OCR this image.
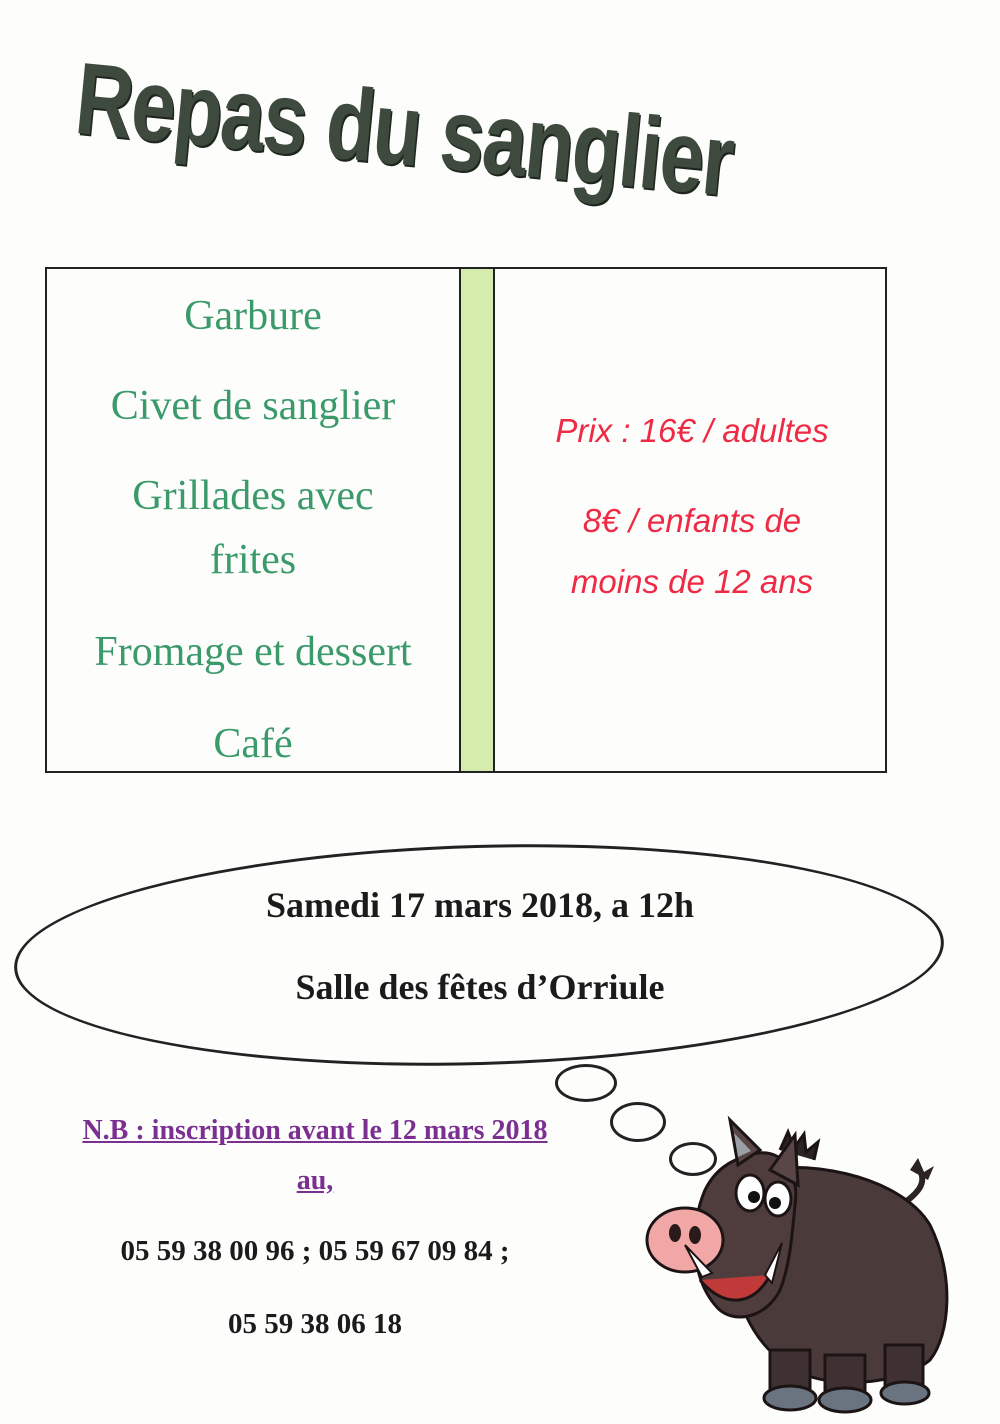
Repas du sanglier
Garbure
Civet de sanglier
Grillades avec
frites
Fromage et dessert
Café
Prix : 16€ / adultes
8€ / enfants de
moins de 12 ans
Samedi 17 mars 2018, a 12h
Salle des fêtes d’Orriule
N.B : inscription avant le 12 mars 2018
au,
05 59 38 00 96 ; 05 59 67 09 84 ;
05 59 38 06 18
